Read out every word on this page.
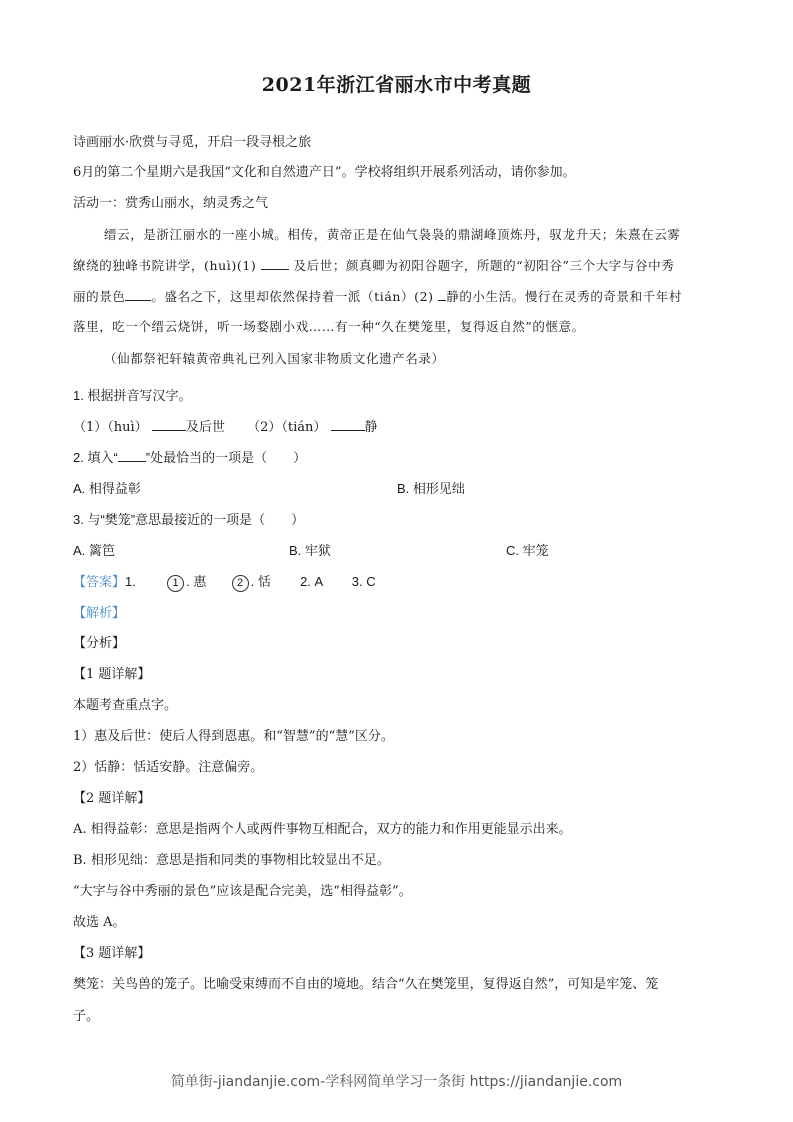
2021年浙江省丽水市中考真题
诗画丽水·欣赏与寻觅，开启一段寻根之旅
6月的第二个星期六是我国“文化和自然遗产日”。学校将组织开展系列活动，请你参加。
活动一：赏秀山丽水，纳灵秀之气
缙云，是浙江丽水的一座小城。相传，黄帝正是在仙气袅袅的鼎湖峰顶炼丹，驭龙升天；朱熹在云雾
缭绕的独峰书院讲学，(huì)(1)	及后世；颜真卿为初阳谷题字，所题的“初阳谷”三个大字与谷中秀
丽的景色 。盛名之下，这里却依然保持着一派（tián）(2) 静的小生活。慢行在灵秀的奇景和千年村
落里，吃一个缙云烧饼，听一场婺剧小戏……有一种“久在樊笼里，复得返自然”的惬意。
（仙都祭祀轩辕黄帝典礼已列入国家非物质文化遗产名录）
1. 根据拼音写汉字。
（1）（huì）	及后世 （2）（tián）	静
2. 填入“ ”处最恰当的一项是（　　）
A. 相得益彰	B. 相形见绌
3. 与“樊笼”意思最接近的一项是（　　）
A. 篱笆	B. 牢狱	C. 牢笼
【答案】1.	1 . 惠	2 . 恬 2. A 3. C
【解析】
【分析】
【1 题详解】
本题考查重点字。
1）惠及后世：使后人得到恩惠。和“智慧”的“慧”区分。
2）恬静：恬适安静。注意偏旁。
【2 题详解】
A. 相得益彰：意思是指两个人或两件事物互相配合，双方的能力和作用更能显示出来。
B. 相形见绌：意思是指和同类的事物相比较显出不足。
“大字与谷中秀丽的景色”应该是配合完美，选“相得益彰”。
故选 A。
【3 题详解】
樊笼：关鸟兽的笼子。比喻受束缚而不自由的境地。结合“久在樊笼里，复得返自然”，可知是牢笼、笼
子。
简单街-jiandanjie.com-学科网简单学习一条街 https://jiandanjie.com
